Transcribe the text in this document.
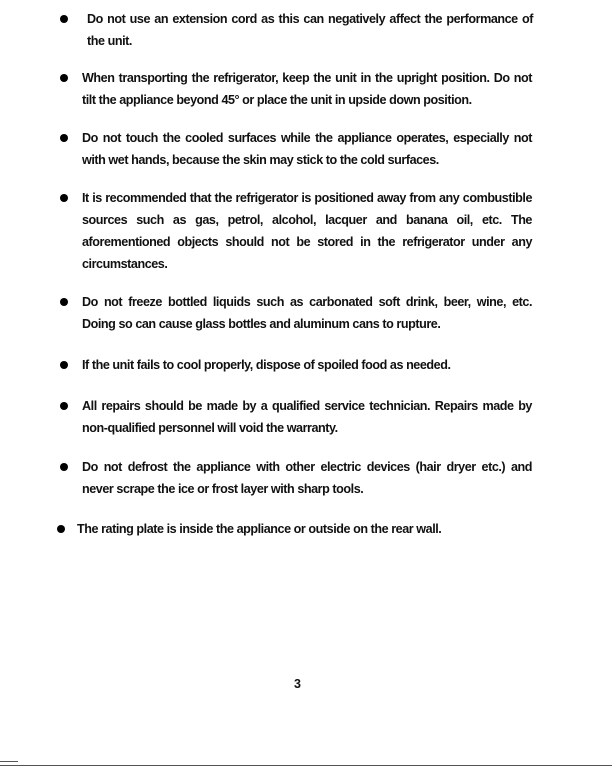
Do not use an extension cord as this can negatively affect the performance of the unit.
When transporting the refrigerator, keep the unit in the upright position. Do not tilt the appliance beyond 45° or place the unit in upside down position.
Do not touch the cooled surfaces while the appliance operates, especially not with wet hands, because the skin may stick to the cold surfaces.
It is recommended that the refrigerator is positioned away from any combustible sources such as gas, petrol, alcohol, lacquer and banana oil, etc. The aforementioned objects should not be stored in the refrigerator under any circumstances.
Do not freeze bottled liquids such as carbonated soft drink, beer, wine, etc. Doing so can cause glass bottles and aluminum cans to rupture.
If the unit fails to cool properly, dispose of spoiled food as needed.
All repairs should be made by a qualified service technician. Repairs made by non-qualified personnel will void the warranty.
Do not defrost the appliance with other electric devices (hair dryer etc.) and never scrape the ice or frost layer with sharp tools.
The rating plate is inside the appliance or outside on the rear wall.
3
